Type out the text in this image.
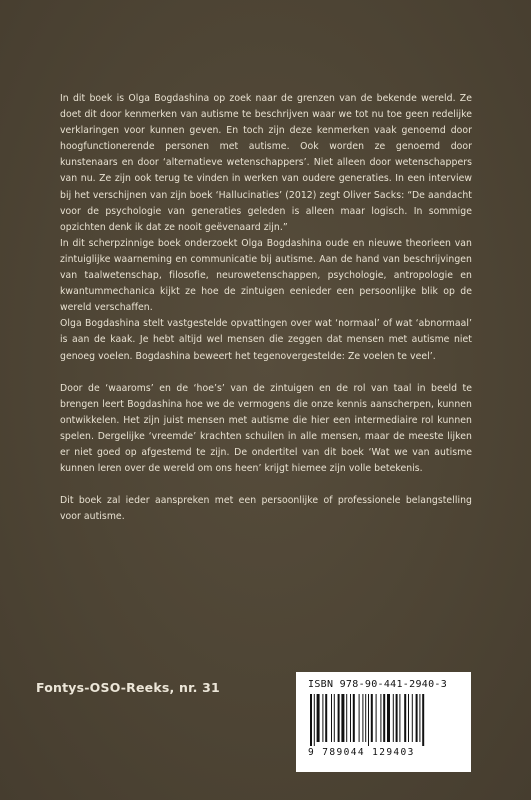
In dit boek is Olga Bogdashina op zoek naar de grenzen van de bekende wereld. Ze doet dit door kenmerken van autisme te beschrijven waar we tot nu toe geen redelijke verklaringen voor kunnen geven. En toch zijn deze kenmerken vaak genoemd door hoogfunctionerende personen met autisme. Ook worden ze genoemd door kunstenaars en door ‘alternatieve wetenschappers’. Niet alleen door wetenschappers van nu. Ze zijn ook terug te vinden in werken van oudere generaties. In een interview bij het verschijnen van zijn boek ‘Hallucinaties’ (2012) zegt Oliver Sacks: “De aandacht voor de psychologie van generaties geleden is alleen maar logisch. In sommige opzichten denk ik dat ze nooit geëvenaard zijn.”

In dit scherpzinnige boek onderzoekt Olga Bogdashina oude en nieuwe theorieen van zintuiglijke waarneming en communicatie bij autisme. Aan de hand van beschrijvingen van taalwetenschap, filosofie, neurowetenschappen, psychologie, antropologie en kwantummechanica kijkt ze hoe de zintuigen eenieder een persoonlijke blik op de wereld verschaffen.

Olga Bogdashina stelt vastgestelde opvattingen over wat ‘normaal’ of wat ‘abnormaal’ is aan de kaak. Je hebt altijd wel mensen die zeggen dat mensen met autisme niet genoeg voelen. Bogdashina beweert het tegenovergestelde: Ze voelen te veel’.

Door de ‘waaroms’ en de ‘hoe’s’ van de zintuigen en de rol van taal in beeld te brengen leert Bogdashina hoe we de vermogens die onze kennis aanscherpen, kunnen ontwikkelen. Het zijn juist mensen met autisme die hier een intermediaire rol kunnen spelen. Dergelijke ‘vreemde’ krachten schuilen in alle mensen, maar de meeste lijken er niet goed op afgestemd te zijn. De ondertitel van dit boek ‘Wat we van autisme kunnen leren over de wereld om ons heen’ krijgt hiemee zijn volle betekenis.

Dit boek zal ieder aanspreken met een persoonlijke of professionele belangstelling voor autisme.

Fontys-OSO-Reeks, nr. 31	ISBN 978-90-441-2940-3
9 789044 129403
